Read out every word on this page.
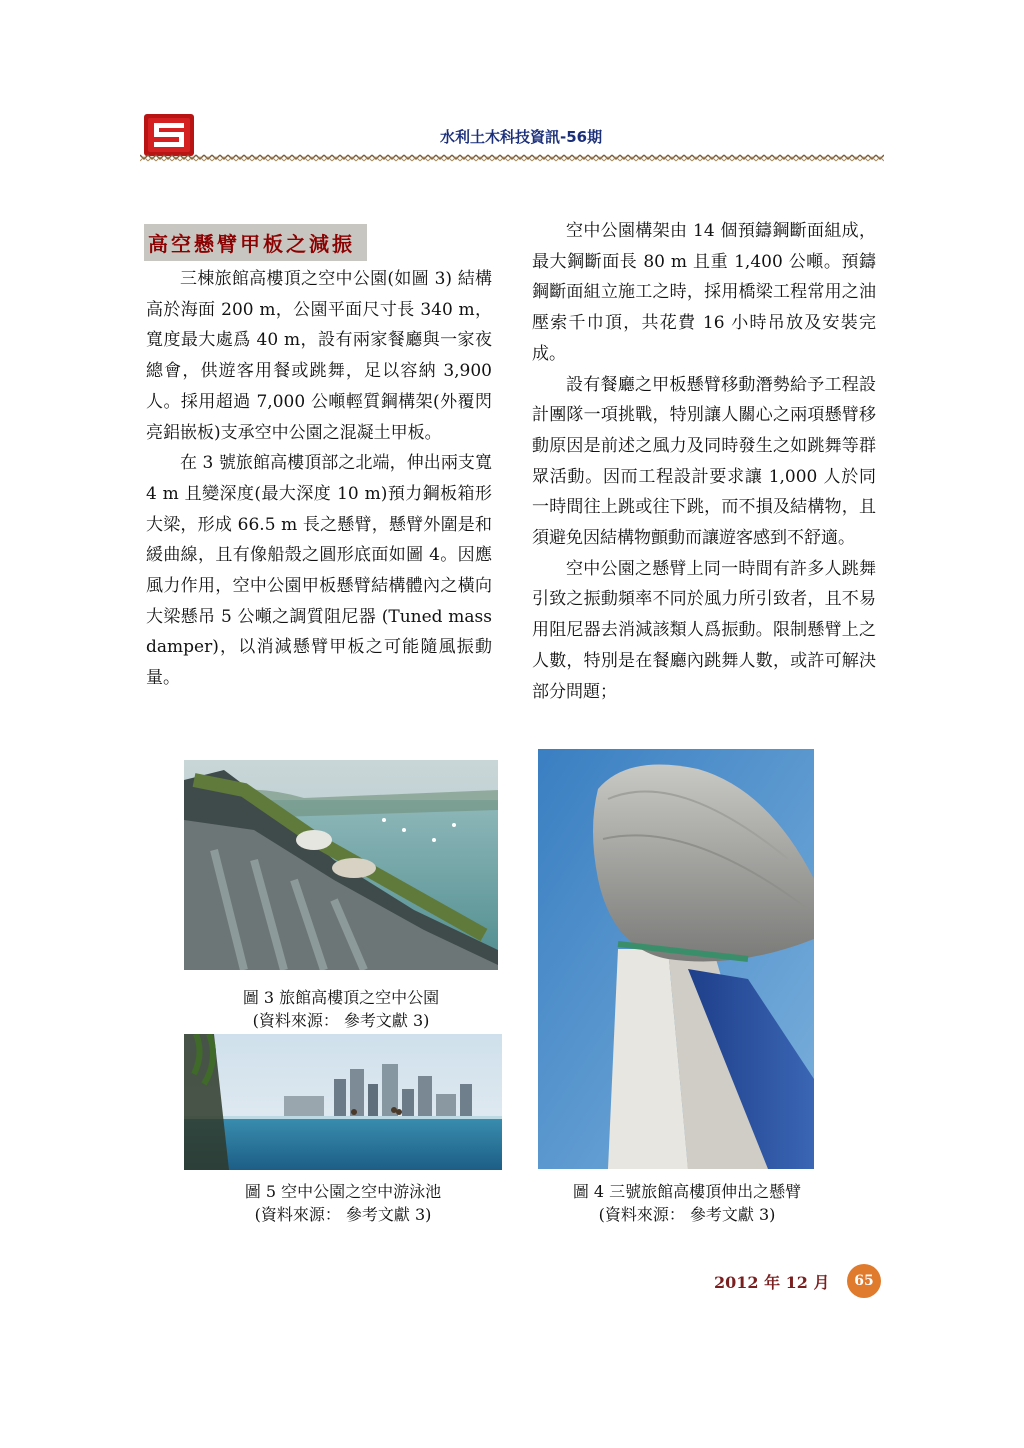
水利土木科技資訊-56期
高空懸臂甲板之減振

三棟旅館高樓頂之空中公園(如圖 3) 結構高於海面 200 m，公園平面尺寸長 340 m，寬度最大處爲 40 m，設有兩家餐廳與一家夜總會，供遊客用餐或跳舞，足以容納 3,900 人。採用超過 7,000 公噸輕質鋼構架(外覆閃亮鋁嵌板)支承空中公園之混凝土甲板。

在 3 號旅館高樓頂部之北端，伸出兩支寬 4 m 且變深度(最大深度 10 m)預力鋼板箱形大梁，形成 66.5 m 長之懸臂，懸臂外圍是和緩曲線，且有像船殼之圓形底面如圖 4。因應風力作用，空中公園甲板懸臂結構體內之橫向大梁懸吊 5 公噸之調質阻尼器 (Tuned mass damper)，以消減懸臂甲板之可能隨風振動量。

空中公園構架由 14 個預鑄鋼斷面組成，最大鋼斷面長 80 m 且重 1,400 公噸。預鑄鋼斷面組立施工之時，採用橋梁工程常用之油壓索千巾頂，共花費 16 小時吊放及安裝完成。

設有餐廳之甲板懸臂移動潛勢給予工程設計團隊一項挑戰，特別讓人關心之兩項懸臂移動原因是前述之風力及同時發生之如跳舞等群眾活動。因而工程設計要求讓 1,000 人於同一時間往上跳或往下跳，而不損及結構物，且須避免因結構物顫動而讓遊客感到不舒適。

空中公園之懸臂上同一時間有許多人跳舞引致之振動頻率不同於風力所引致者，且不易用阻尼器去消減該類人爲振動。限制懸臂上之人數，特別是在餐廳內跳舞人數，或許可解決部分問題；

圖 3 旅館高樓頂之空中公園
(資料來源： 參考文獻 3)
圖 5 空中公園之空中游泳池
(資料來源： 參考文獻 3)
圖 4 三號旅館高樓頂伸出之懸臂
(資料來源： 參考文獻 3)
2012 年 12 月	65
